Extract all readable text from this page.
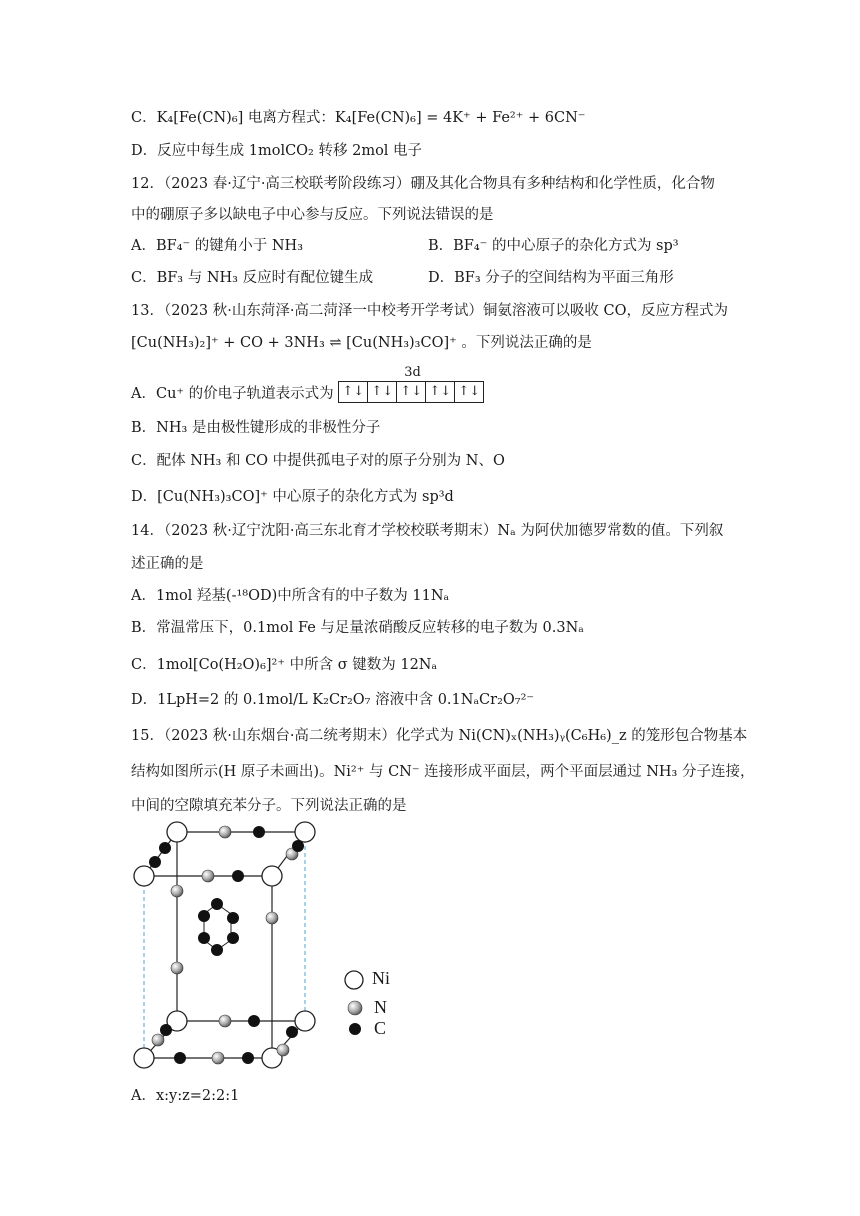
C．K₄[Fe(CN)₆] 电离方程式：K₄[Fe(CN)₆] = 4K⁺ + Fe²⁺ + 6CN⁻
D．反应中每生成 1molCO₂ 转移 2mol 电子
12．（2023 春·辽宁·高三校联考阶段练习）硼及其化合物具有多种结构和化学性质，化合物
中的硼原子多以缺电子中心参与反应。下列说法错误的是
A．BF₄⁻ 的键角小于 NH₃	B．BF₄⁻ 的中心原子的杂化方式为 sp³
C．BF₃ 与 NH₃ 反应时有配位键生成	D．BF₃ 分子的空间结构为平面三角形
13．（2023 秋·山东菏泽·高二菏泽一中校考开学考试）铜氨溶液可以吸收 CO，反应方程式为
[Cu(NH₃)₂]⁺ + CO + 3NH₃ ⇌ [Cu(NH₃)₃CO]⁺ 。下列说法正确的是
A．Cu⁺ 的价电子轨道表示式为
3d
↑↓	↑↓	↑↓	↑↓	↑↓
B．NH₃ 是由极性键形成的非极性分子
C．配体 NH₃ 和 CO 中提供孤电子对的原子分别为 N、O
D．[Cu(NH₃)₃CO]⁺ 中心原子的杂化方式为 sp³d
14．（2023 秋·辽宁沈阳·高三东北育才学校校联考期末）Nₐ 为阿伏加德罗常数的值。下列叙
述正确的是
A．1mol 羟基(-¹⁸OD)中所含有的中子数为 11Nₐ
B．常温常压下，0.1mol Fe 与足量浓硝酸反应转移的电子数为 0.3Nₐ
C．1mol[Co(H₂O)₆]²⁺ 中所含 σ 键数为 12Nₐ
D．1LpH=2 的 0.1mol/L K₂Cr₂O₇ 溶液中含 0.1NₐCr₂O₇²⁻
15．（2023 秋·山东烟台·高二统考期末）化学式为 Ni(CN)ₓ(NH₃)ᵧ(C₆H₆)_z 的笼形包合物基本
结构如图所示(H 原子未画出)。Ni²⁺ 与 CN⁻ 连接形成平面层，两个平面层通过 NH₃ 分子连接，
中间的空隙填充苯分子。下列说法正确的是
Ni
N
C
A．x:y:z=2:2:1
